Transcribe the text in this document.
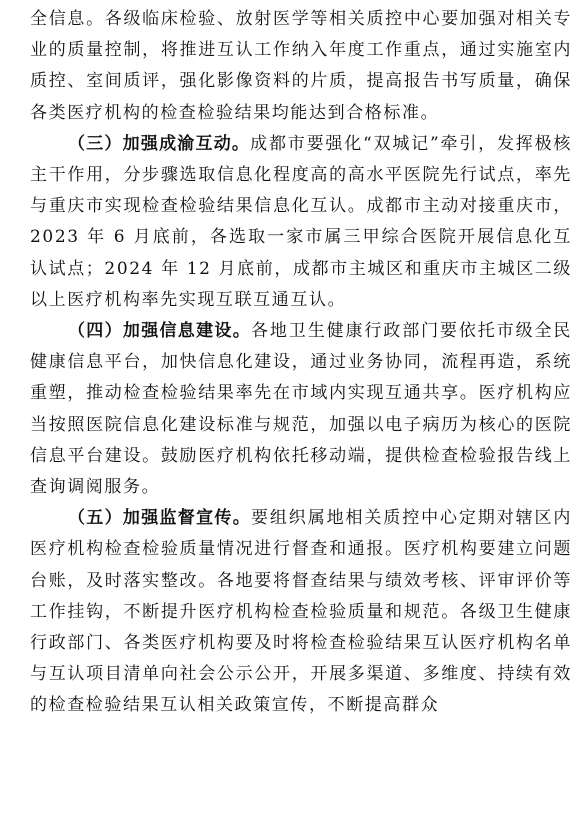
全信息。各级临床检验、放射医学等相关质控中心要加强对相关专业的质量控制，将推进互认工作纳入年度工作重点，通过实施室内质控、室间质评，强化影像资料的片质，提高报告书写质量，确保各类医疗机构的检查检验结果均能达到合格标准。

（三）加强成渝互动。成都市要强化“双城记”牵引，发挥极核主干作用，分步骤选取信息化程度高的高水平医院先行试点，率先与重庆市实现检查检验结果信息化互认。成都市主动对接重庆市，2023 年 6 月底前，各选取一家市属三甲综合医院开展信息化互认试点；2024 年 12 月底前，成都市主城区和重庆市主城区二级以上医疗机构率先实现互联互通互认。

（四）加强信息建设。各地卫生健康行政部门要依托市级全民健康信息平台，加快信息化建设，通过业务协同，流程再造，系统重塑，推动检查检验结果率先在市域内实现互通共享。医疗机构应当按照医院信息化建设标准与规范，加强以电子病历为核心的医院信息平台建设。鼓励医疗机构依托移动端，提供检查检验报告线上查询调阅服务。

（五）加强监督宣传。要组织属地相关质控中心定期对辖区内医疗机构检查检验质量情况进行督查和通报。医疗机构要建立问题台账，及时落实整改。各地要将督查结果与绩效考核、评审评价等工作挂钩，不断提升医疗机构检查检验质量和规范。各级卫生健康行政部门、各类医疗机构要及时将检查检验结果互认医疗机构名单与互认项目清单向社会公示公开，开展多渠道、多维度、持续有效的检查检验结果互认相关政策宣传，不断提高群众
